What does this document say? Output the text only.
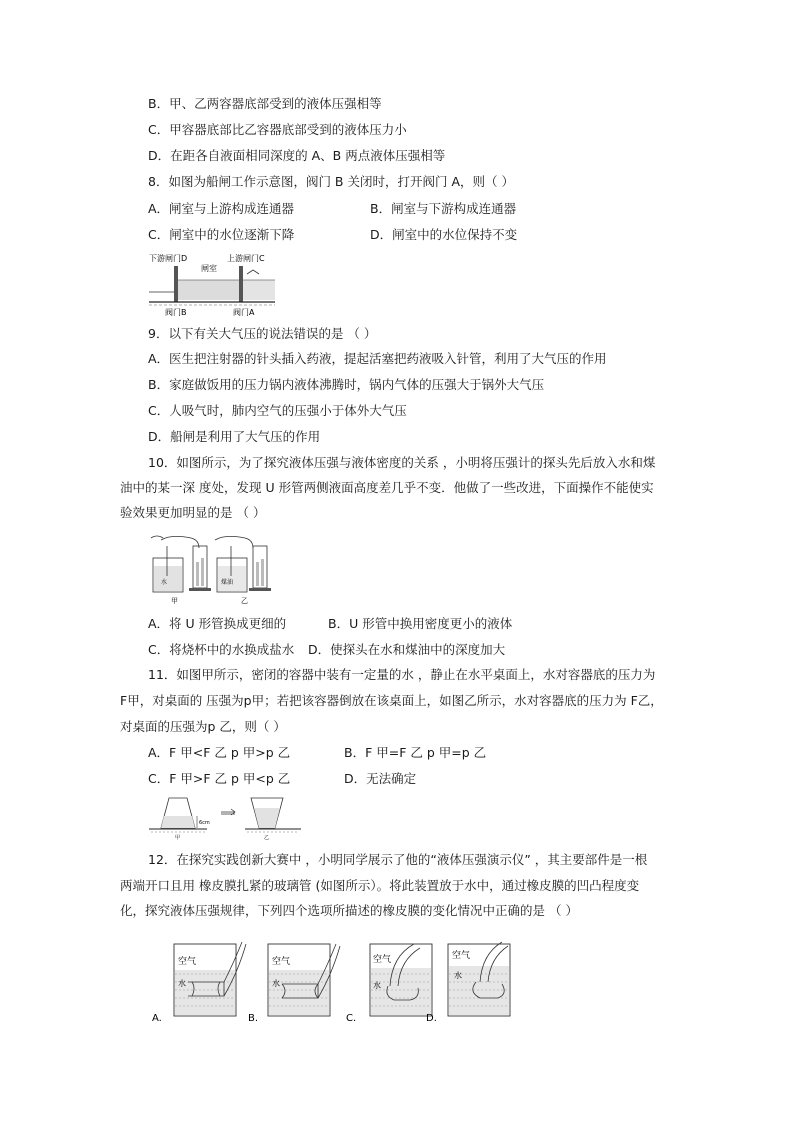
B．甲、乙两容器底部受到的液体压强相等
C．甲容器底部比乙容器底部受到的液体压力小
D．在距各自液面相同深度的 A、B 两点液体压强相等
8．如图为船闸工作示意图，阀门 B 关闭时，打开阀门 A，则（ ）
A．闸室与上游构成连通器	B．闸室与下游构成连通器
C．闸室中的水位逐渐下降	D．闸室中的水位保持不变
下游闸门D
闸室
上游闸门C
阀门B	阀门A
9．以下有关大气压的说法错误的是 （ ）
A．医生把注射器的针头插入药液，提起活塞把药液吸入针管，利用了大气压的作用
B．家庭做饭用的压力锅内液体沸腾时，锅内气体的压强大于锅外大气压
C．人吸气时，肺内空气的压强小于体外大气压
D．船闸是利用了大气压的作用
10．如图所示，为了探究液体压强与液体密度的关系 ，小明将压强计的探头先后放入水和煤
油中的某一深 度处，发现 U 形管两侧液面高度差几乎不变．他做了一些改进，下面操作不能使实
验效果更加明显的是 （ ）
水
甲
煤油
乙
A．将 U 形管换成更细的	B．U 形管中换用密度更小的液体
C．将烧杯中的水换成盐水 D．使探头在水和煤油中的深度加大
11．如图甲所示，密闭的容器中装有一定量的水 ，静止在水平桌面上，水对容器底的压力为
F甲，对桌面的 压强为p甲；若把该容器倒放在该桌面上，如图乙所示，水对容器底的压力为 F乙，
对桌面的压强为p 乙，则（ ）
A．F 甲<F 乙 p 甲>p 乙	B．F 甲=F 乙 p 甲=p 乙
C．F 甲>F 乙 p 甲<p 乙	D．无法确定
6cm
甲	乙
12．在探究实践创新大赛中 ，小明同学展示了他的“液体压强演示仪” ，其主要部件是一根
两端开口且用 橡皮膜扎紧的玻璃管 (如图所示）。将此装置放于水中，通过橡皮膜的凹凸程度变
化，探究液体压强规律，下列四个选项所描述的橡皮膜的变化情况中正确的是 （ ）
空气
水
A.
空气
水
B.
空气
水
C.
空气
水
D.
